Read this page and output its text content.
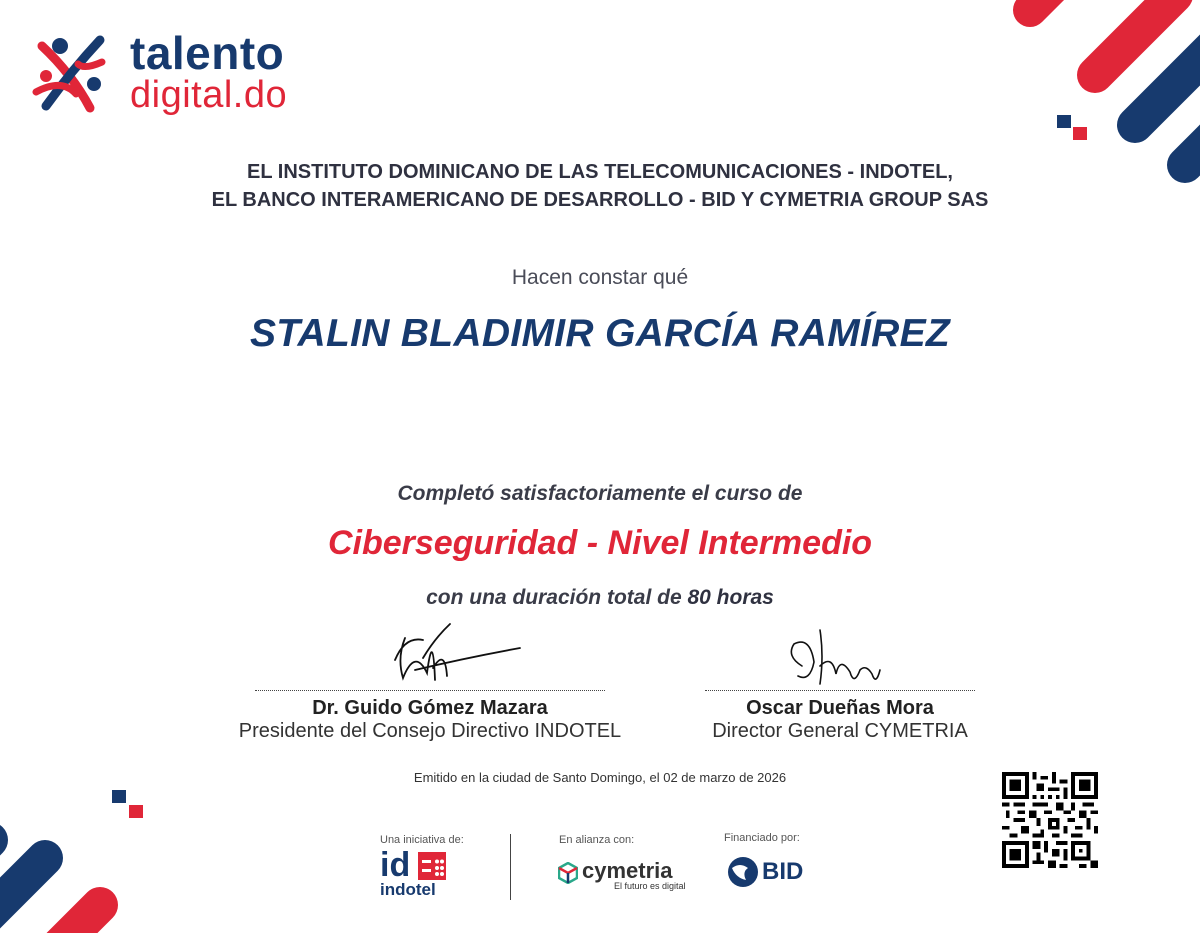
talento
digital.do
EL INSTITUTO DOMINICANO DE LAS TELECOMUNICACIONES - INDOTEL,
EL BANCO INTERAMERICANO DE DESARROLLO - BID Y CYMETRIA GROUP SAS
Hacen constar qué
STALIN BLADIMIR GARCÍA RAMÍREZ
Completó satisfactoriamente el curso de
Ciberseguridad - Nivel Intermedio
con una duración total de 80 horas
Dr. Guido Gómez Mazara
Presidente del Consejo Directivo INDOTEL
Oscar Dueñas Mora
Director General CYMETRIA
Emitido en la ciudad de Santo Domingo, el 02 de marzo de 2026
Una iniciativa de:
id
indotel
En alianza con:
cymetria
El futuro es digital
Financiado por:
BID
